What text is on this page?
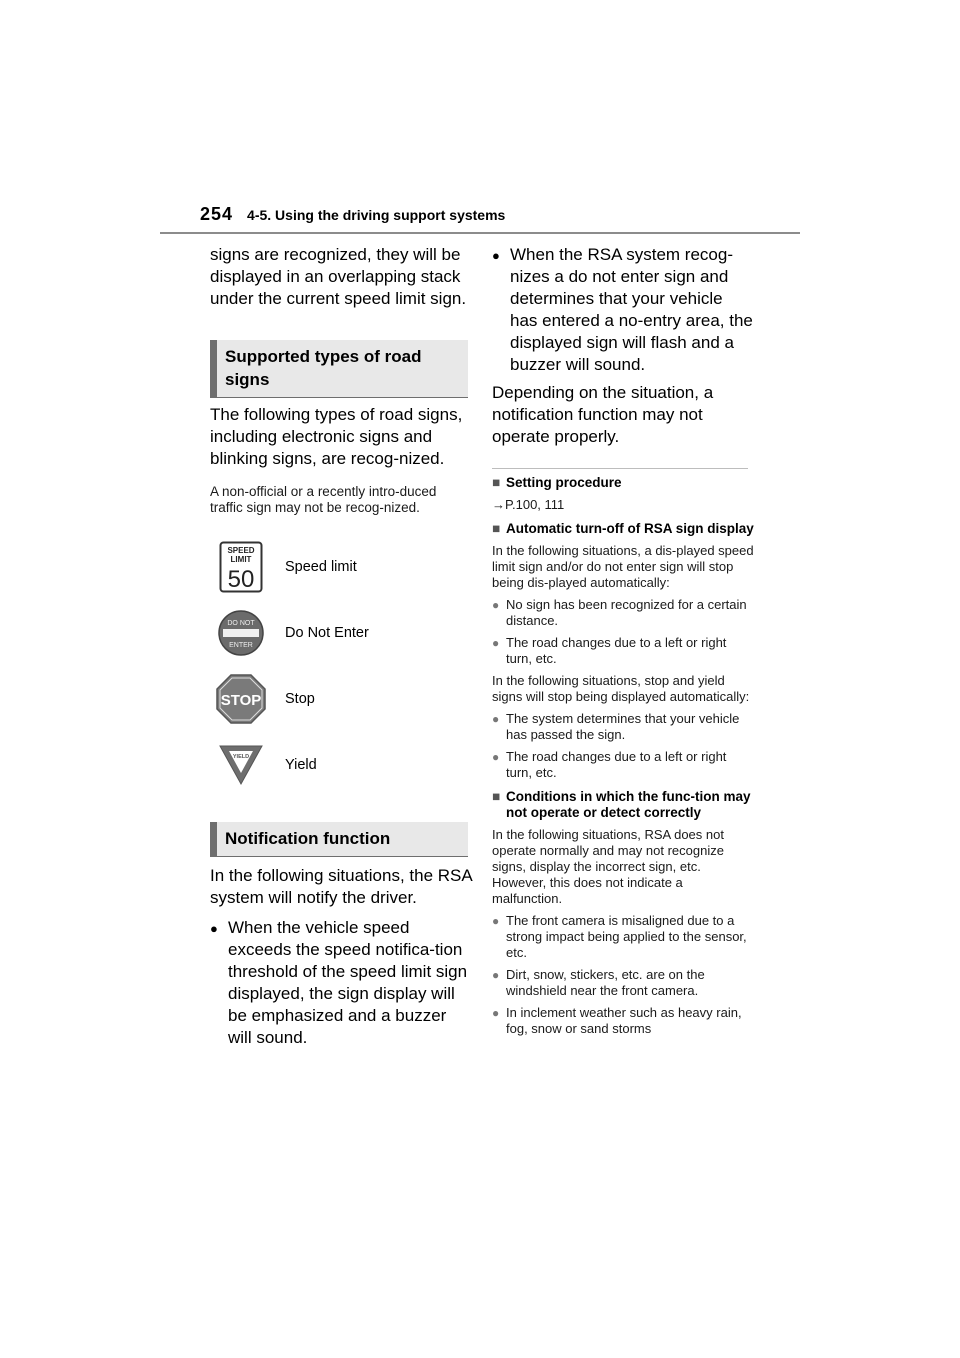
254 4-5. Using the driving support systems

signs are recognized, they will be displayed in an overlapping stack under the current speed limit sign.

Supported types of road signs

The following types of road signs, including electronic signs and blinking signs, are recog-nized.

A non-official or a recently intro-duced traffic sign may not be recog-nized.

SPEED
LIMIT
50 Speed limit
DO NOT
ENTER
Do Not Enter
STOP Stop
YIELD Yield
Notification function

In the following situations, the RSA system will notify the driver.

● When the vehicle speed exceeds the speed notifica-tion threshold of the speed limit sign displayed, the sign display will be emphasized and a buzzer will sound.
● When the RSA system recog-nizes a do not enter sign and determines that your vehicle has entered a no-entry area, the displayed sign will flash and a buzzer will sound.

Depending on the situation, a notification function may not operate properly.

■ Setting procedure

→P.100, 111

■ Automatic turn-off of RSA sign display

In the following situations, a dis-played speed limit sign and/or do not enter sign will stop being dis-played automatically:

● No sign has been recognized for a certain distance.
● The road changes due to a left or right turn, etc.

In the following situations, stop and yield signs will stop being displayed automatically:

● The system determines that your vehicle has passed the sign.
● The road changes due to a left or right turn, etc.
■ Conditions in which the func-tion may not operate or detect correctly

In the following situations, RSA does not operate normally and may not recognize signs, display the incorrect sign, etc. However, this does not indicate a malfunction.

● The front camera is misaligned due to a strong impact being applied to the sensor, etc.
● Dirt, snow, stickers, etc. are on the windshield near the front camera.
● In inclement weather such as heavy rain, fog, snow or sand storms
